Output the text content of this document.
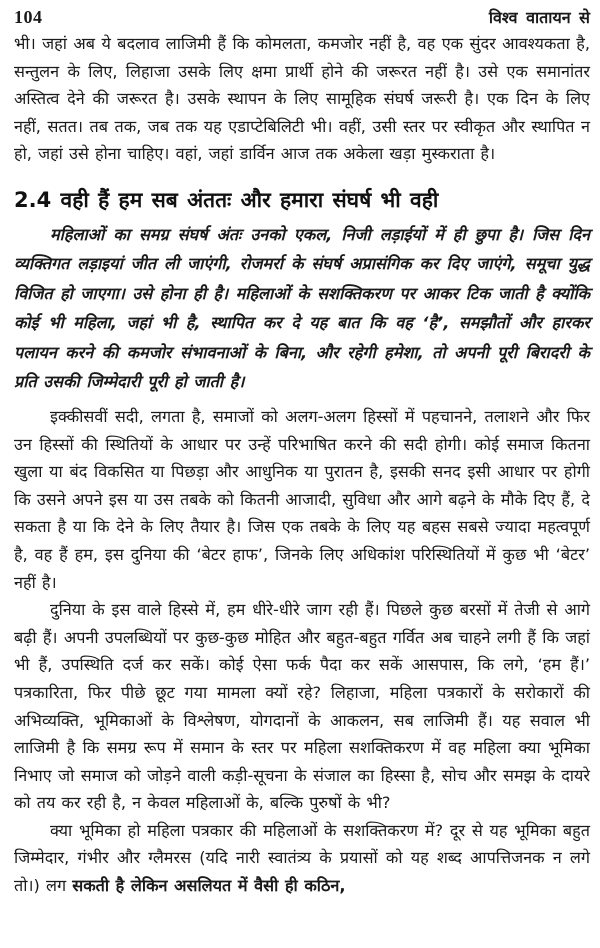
104	विश्व वातायन से

भी। जहां अब ये बदलाव लाजिमी हैं कि कोमलता, कमजोर नहीं है, वह एक सुंदर आवश्यकता है, सन्तुलन के लिए, लिहाजा उसके लिए क्षमा प्रार्थी होने की जरूरत नहीं है। उसे एक समानांतर अस्तित्व देने की जरूरत है। उसके स्थापन के लिए सामूहिक संघर्ष जरूरी है। एक दिन के लिए नहीं, सतत। तब तक, जब तक यह एडाप्टेबिलिटी भी। वहीं, उसी स्तर पर स्वीकृत और स्थापित न हो, जहां उसे होना चाहिए। वहां, जहां डार्विन आज तक अकेला खड़ा मुस्कराता है।

2.4 वही हैं हम सब अंततः और हमारा संघर्ष भी वही

महिलाओं का समग्र संघर्ष अंतः उनको एकल, निजी लड़ाईयों में ही छुपा है। जिस दिन व्यक्तिगत लड़ाइयां जीत ली जाएंगी, रोजमर्रा के संघर्ष अप्रासंगिक कर दिए जाएंगे, समूचा युद्ध विजित हो जाएगा। उसे होना ही है। महिलाओं के सशक्तिकरण पर आकर टिक जाती है क्योंकि कोई भी महिला, जहां भी है, स्थापित कर दे यह बात कि वह ‘है’, समझौतों और हारकर पलायन करने की कमजोर संभावनाओं के बिना, और रहेगी हमेशा, तो अपनी पूरी बिरादरी के प्रति उसकी जिम्मेदारी पूरी हो जाती है।

इक्कीसवीं सदी, लगता है, समाजों को अलग-अलग हिस्सों में पहचानने, तलाशने और फिर उन हिस्सों की स्थितियों के आधार पर उन्हें परिभाषित करने की सदी होगी। कोई समाज कितना खुला या बंद विकसित या पिछड़ा और आधुनिक या पुरातन है, इसकी सनद इसी आधार पर होगी कि उसने अपने इस या उस तबके को कितनी आजादी, सुविधा और आगे बढ़ने के मौके दिए हैं, दे सकता है या कि देने के लिए तैयार है। जिस एक तबके के लिए यह बहस सबसे ज्यादा महत्वपूर्ण है, वह हैं हम, इस दुनिया की ‘बेटर हाफ’, जिनके लिए अधिकांश परिस्थितियों में कुछ भी ‘बेटर’ नहीं है।

दुनिया के इस वाले हिस्से में, हम धीरे-धीरे जाग रही हैं। पिछले कुछ बरसों में तेजी से आगे बढ़ी हैं। अपनी उपलब्धियों पर कुछ-कुछ मोहित और बहुत-बहुत गर्वित अब चाहने लगी हैं कि जहां भी हैं, उपस्थिति दर्ज कर सकें। कोई ऐसा फर्क पैदा कर सकें आसपास, कि लगे, ‘हम हैं।’ पत्रकारिता, फिर पीछे छूट गया मामला क्यों रहे? लिहाजा, महिला पत्रकारों के सरोकारों की अभिव्यक्ति, भूमिकाओं के विश्लेषण, योगदानों के आकलन, सब लाजिमी हैं। यह सवाल भी लाजिमी है कि समग्र रूप में समान के स्तर पर महिला सशक्तिकरण में वह महिला क्या भूमिका निभाए जो समाज को जोड़ने वाली कड़ी-सूचना के संजाल का हिस्सा है, सोच और समझ के दायरे को तय कर रही है, न केवल महिलाओं के, बल्कि पुरुषों के भी?

क्या भूमिका हो महिला पत्रकार की महिलाओं के सशक्तिकरण में? दूर से यह भूमिका बहुत जिम्मेदार, गंभीर और ग्लैमरस (यदि नारी स्वातंत्र्य के प्रयासों को यह शब्द आपत्तिजनक न लगे तो।) लग सकती है लेकिन असलियत में वैसी ही कठिन,
